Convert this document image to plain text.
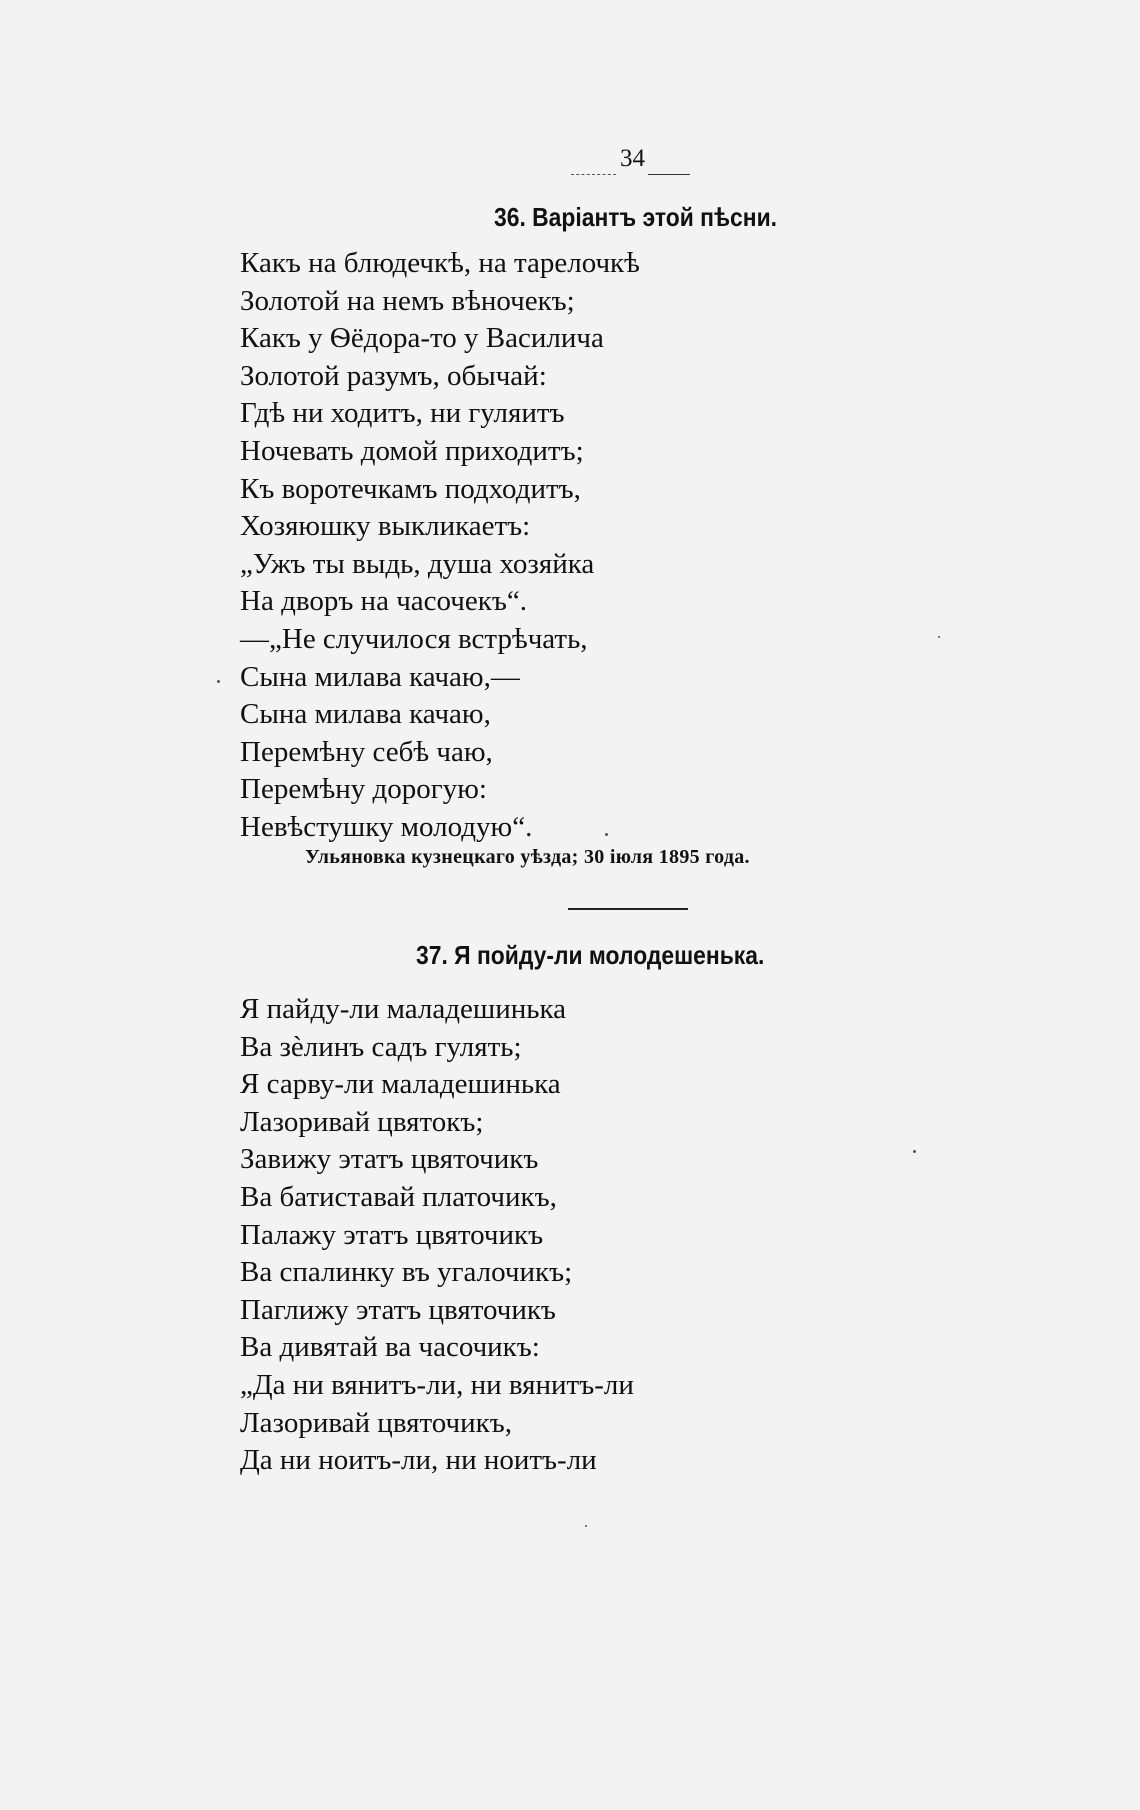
34
36. Варіантъ этой пѣсни.
Какъ на блюдечкѣ, на тарелочкѣ
Золотой на немъ вѣночекъ;
Какъ у Ѳёдора-то у Василича
Золотой разумъ, обычай:
Гдѣ ни ходитъ, ни гуляитъ
Ночевать домой приходитъ;
Къ воротечкамъ подходитъ,
Хозяюшку выкликаетъ:
„Ужъ ты выдь, душа хозяйка
На дворъ на часочекъ“.
—„Не случилося встрѣчать,
Сына милава качаю,—
Сына милава качаю,
Перемѣну себѣ чаю,
Перемѣну дорогую:
Невѣстушку молодую“.
Ульяновка кузнецкаго уѣзда; 30 іюля 1895 года.
37. Я пойду-ли молодешенька.
Я пайду-ли маладешинька
Ва зѐлинъ садъ гулять;
Я сарву-ли маладешинька
Лазоривай цвятокъ;
Завижу этатъ цвяточикъ
Ва батиставай платочикъ,
Палажу этатъ цвяточикъ
Ва спалинку въ угалочикъ;
Паглижу этатъ цвяточикъ
Ва дивятай ва часочикъ:
„Да ни вянитъ-ли, ни вянитъ-ли
Лазоривай цвяточикъ,
Да ни ноитъ-ли, ни ноитъ-ли
